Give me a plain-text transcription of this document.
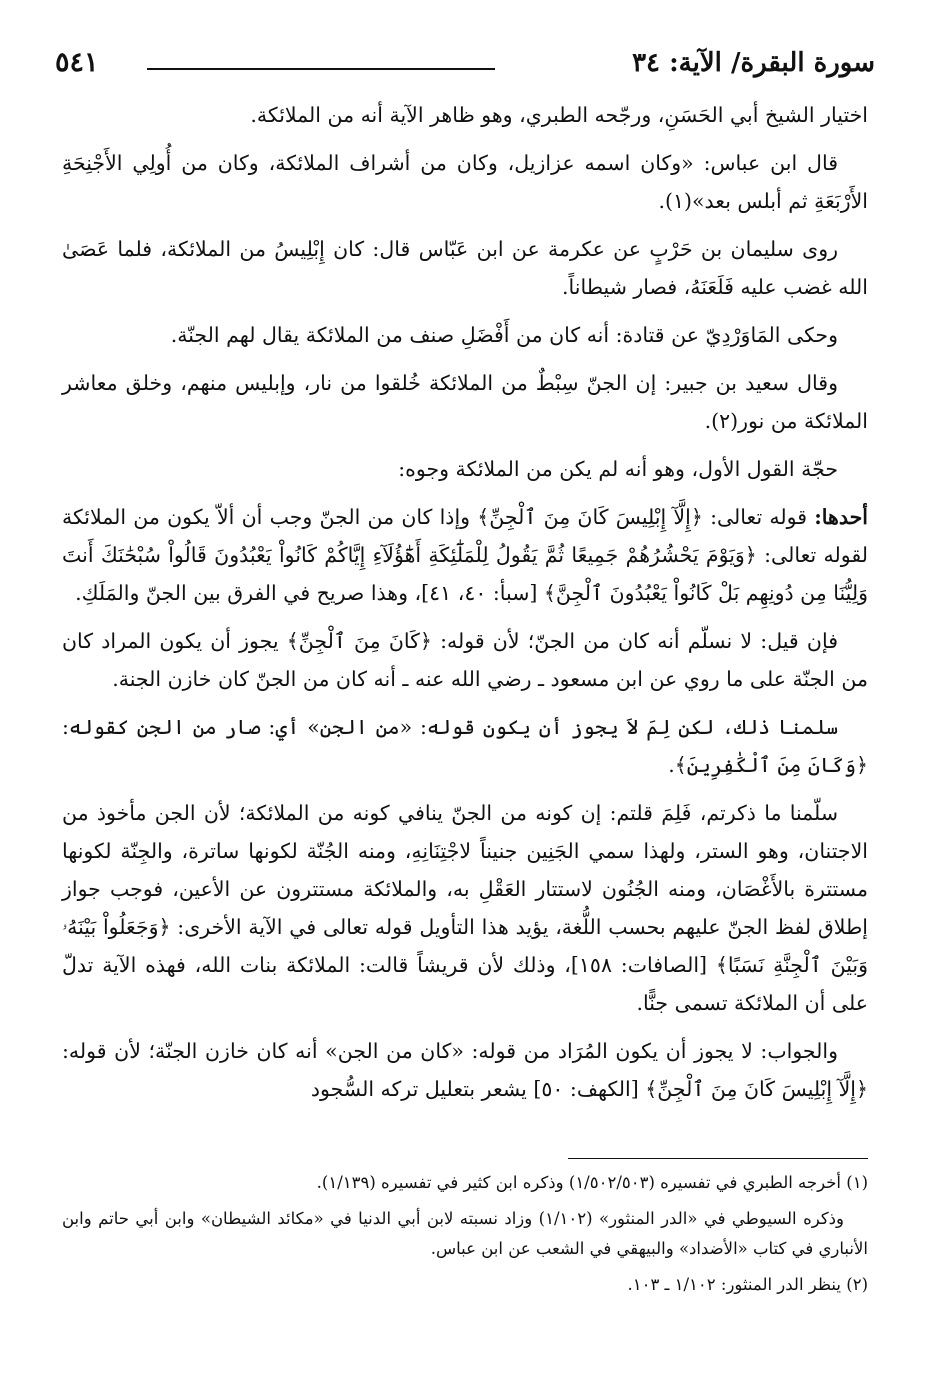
سورة البقرة/ الآية: ٣٤
٥٤١

اختيار الشيخ أبي الحَسَنِ، ورجّحه الطبري، وهو ظاهر الآية أنه من الملائكة.

قال ابن عباس: «وكان اسمه عزازيل، وكان من أشراف الملائكة، وكان من أُولِي الأَجْنِحَةِ الأَرْبَعَةِ ثم أبلس بعد»(١).

روى سليمان بن حَرْبٍ عن عكرمة عن ابن عَبّاس قال: كان إِبْلِيسُ من الملائكة، فلما عَصَىٰ الله غضب عليه فَلَعَنَهُ، فصار شيطاناً.

وحكى المَاوَرْدِيّ عن قتادة: أنه كان من أَفْضَلِ صنف من الملائكة يقال لهم الجنّة.

وقال سعيد بن جبير: إن الجنّ سِبْطٌ من الملائكة خُلقوا من نار، وإبليس منهم، وخلق معاشر الملائكة من نور(٢).

حجّة القول الأول، وهو أنه لم يكن من الملائكة وجوه:

أحدها: قوله تعالى: ﴿إِلَّآ إِبْلِيسَ كَانَ مِنَ ٱلْجِنِّ﴾ وإذا كان من الجنّ وجب أن ألاّ يكون من الملائكة لقوله تعالى: ﴿وَيَوْمَ يَحْشُرُهُمْ جَمِيعًا ثُمَّ يَقُولُ لِلْمَلَٰٓئِكَةِ أَهَٰٓؤُلَآءِ إِيَّاكُمْ كَانُواْ يَعْبُدُونَ قَالُواْ سُبْحَٰنَكَ أَنتَ وَلِيُّنَا مِن دُونِهِم بَلْ كَانُواْ يَعْبُدُونَ ٱلْجِنَّ﴾ [سبأ: ٤٠، ٤١]، وهذا صريح في الفرق بين الجنّ والمَلَكِ.

فإن قيل: لا نسلّم أنه كان من الجنّ؛ لأن قوله: ﴿كَانَ مِنَ ٱلْجِنِّ﴾ يجوز أن يكون المراد كان من الجنّة على ما روي عن ابن مسعود ـ رضي الله عنه ـ أنه كان من الجنّ كان خازن الجنة.

سلمنا ذلك، لكن لِمَ لاَ يجوز أن يكون قوله: «من الجن» أي: صار من الجن كقوله: ﴿وَكَانَ مِنَ ٱلْكَٰفِرِينَ﴾.

سلّمنا ما ذكرتم، فَلِمَ قلتم: إن كونه من الجنّ ينافي كونه من الملائكة؛ لأن الجن مأخوذ من الاجتنان، وهو الستر، ولهذا سمي الجَنِين جنيناً لاجْتِنَانِهِ، ومنه الجُنّة لكونها ساترة، والجِنّة لكونها مستترة بالأَغْصَان، ومنه الجُنُون لاستتار العَقْلِ به، والملائكة مستترون عن الأعين، فوجب جواز إطلاق لفظ الجنّ عليهم بحسب اللُّغة، يؤيد هذا التأويل قوله تعالى في الآية الأخرى: ﴿وَجَعَلُواْ بَيْنَهُۥ وَبَيْنَ ٱلْجِنَّةِ نَسَبًا﴾ [الصافات: ١٥٨]، وذلك لأن قريشاً قالت: الملائكة بنات الله، فهذه الآية تدلّ على أن الملائكة تسمى جنًّا.

والجواب: لا يجوز أن يكون المُرَاد من قوله: «كان من الجن» أنه كان خازن الجنّة؛ لأن قوله: ﴿إِلَّآ إِبْلِيسَ كَانَ مِنَ ٱلْجِنِّ﴾ [الكهف: ٥٠] يشعر بتعليل تركه السُّجود

(١) أخرجه الطبري في تفسيره (١/٥٠٢/٥٠٣) وذكره ابن كثير في تفسيره (١/١٣٩).

وذكره السيوطي في «الدر المنثور» (١/١٠٢) وزاد نسبته لابن أبي الدنيا في «مكائد الشيطان» وابن أبي حاتم وابن الأنباري في كتاب «الأضداد» والبيهقي في الشعب عن ابن عباس.

(٢) ينظر الدر المنثور: ١/١٠٢ ـ ١٠٣.
